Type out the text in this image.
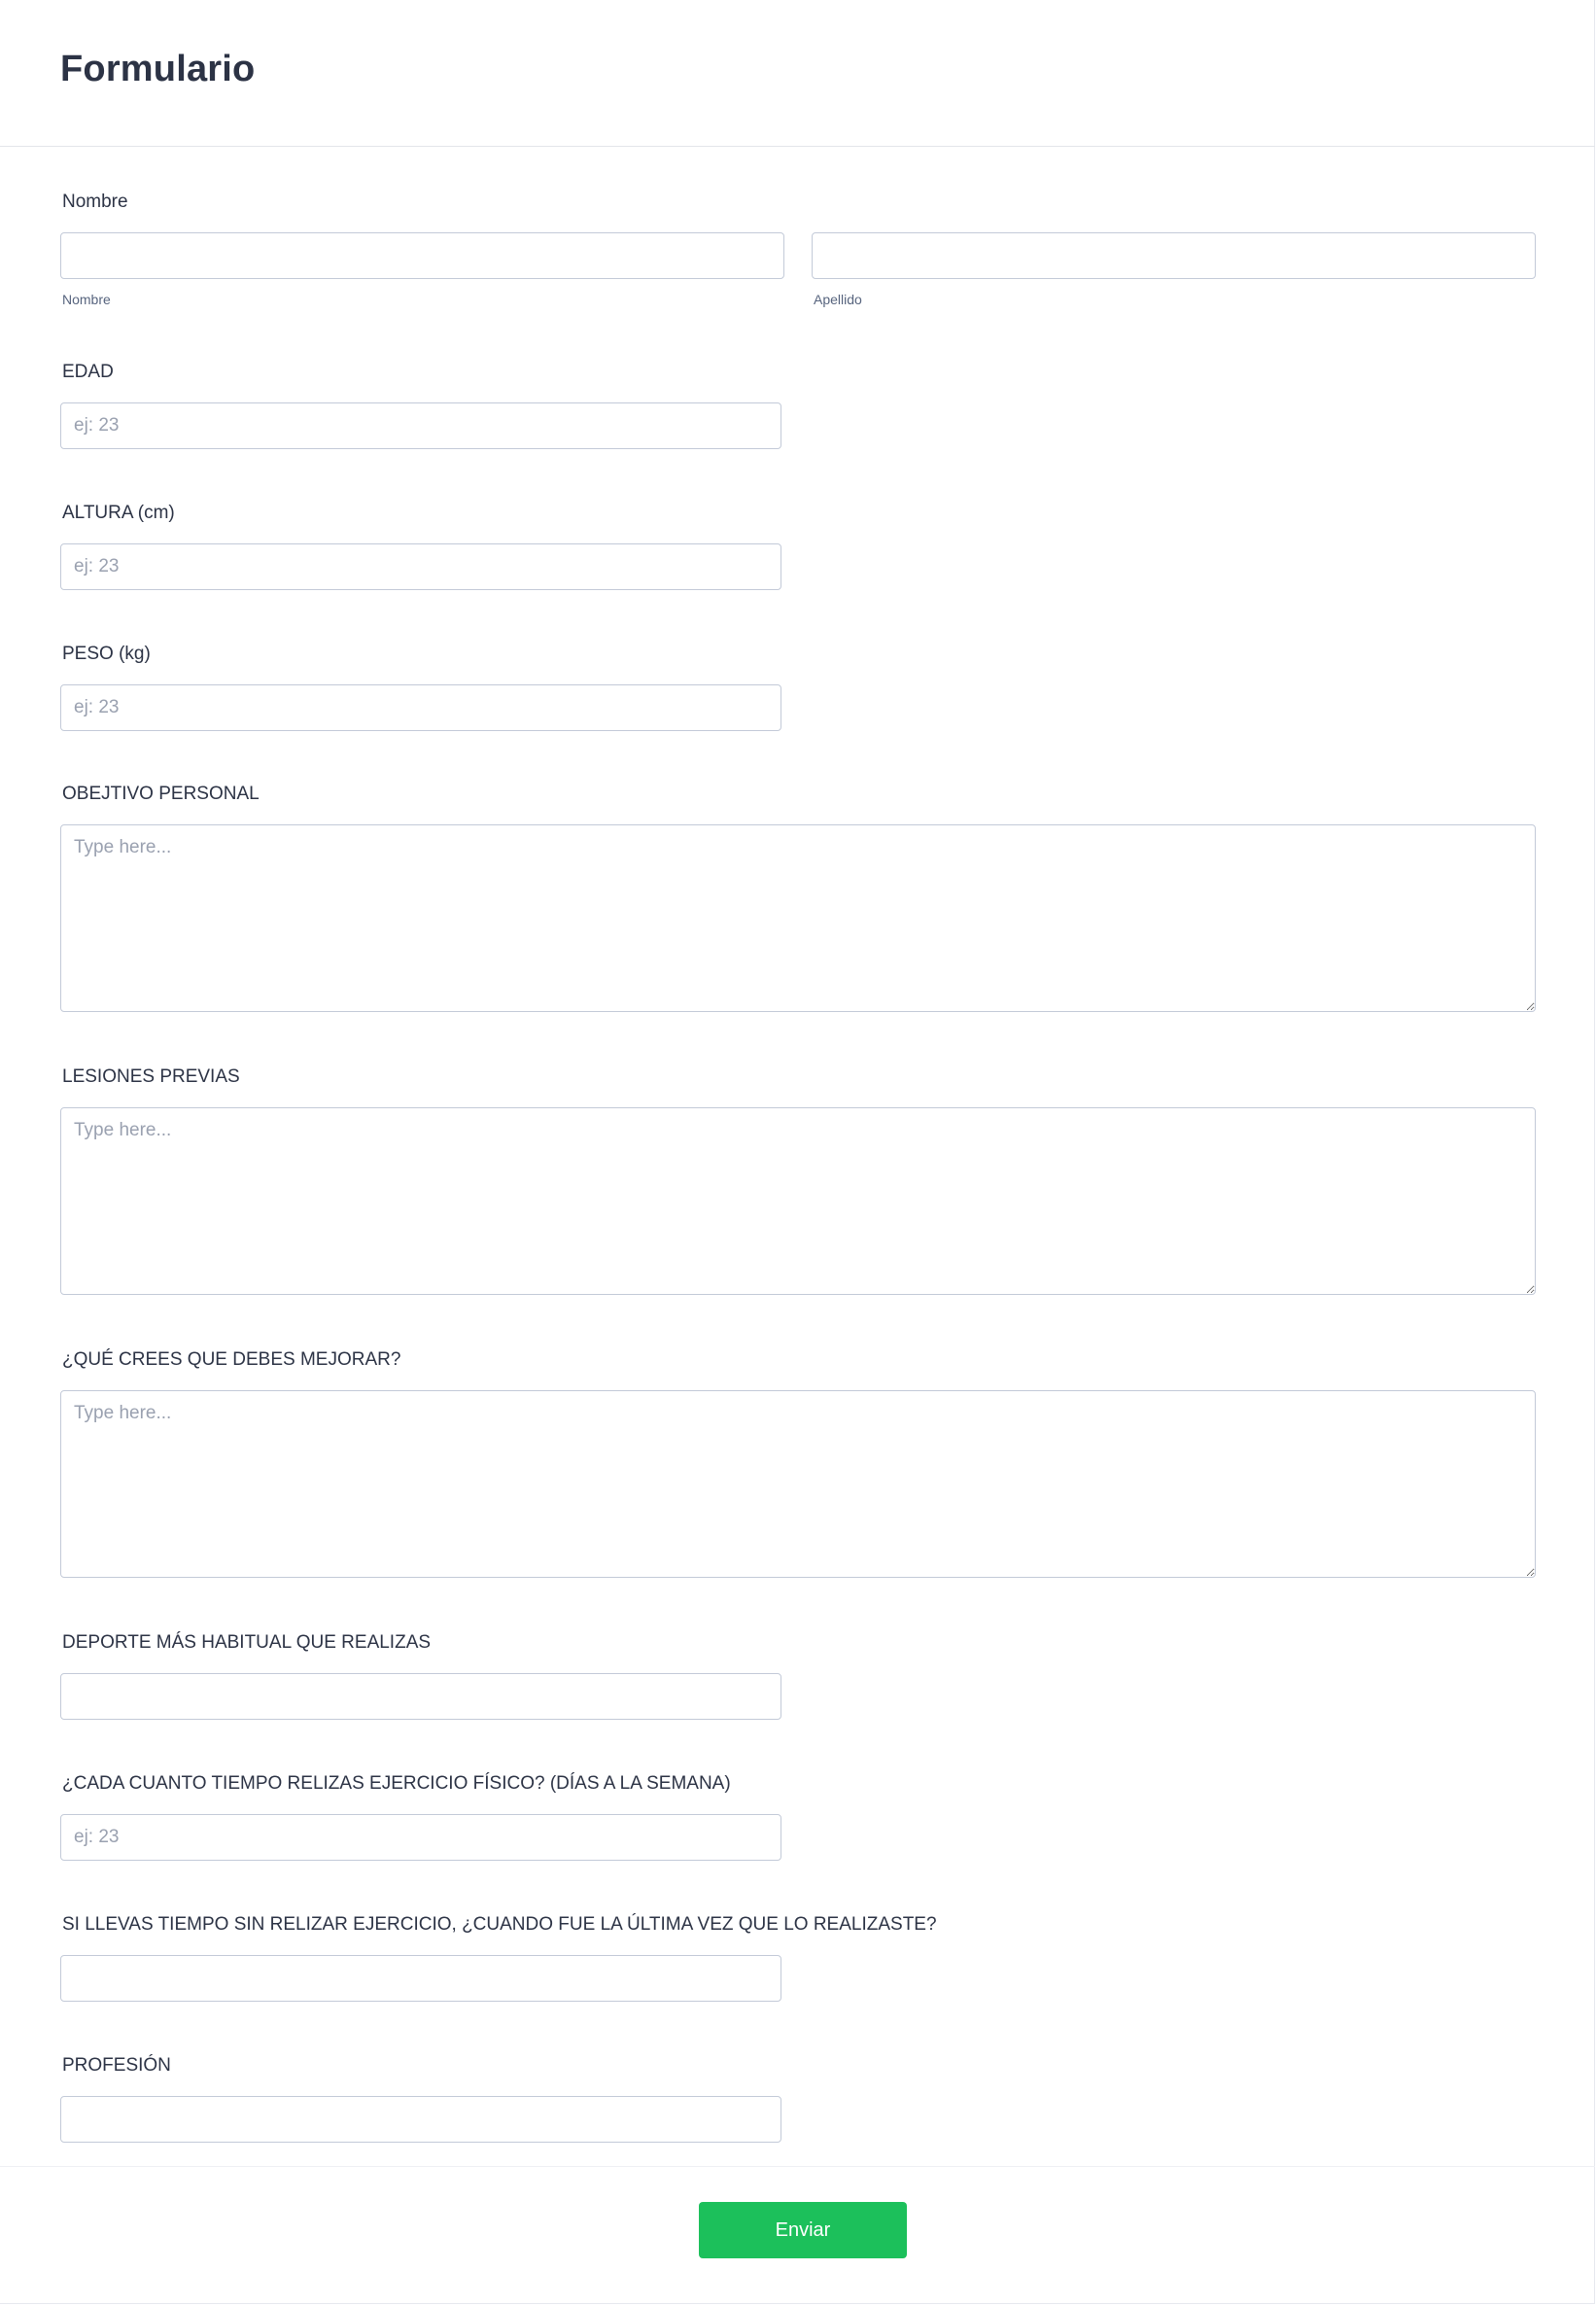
Formulario
Nombre
Nombre	Apellido
EDAD
ej: 23
ALTURA (cm)
ej: 23
PESO (kg)
ej: 23
OBEJTIVO PERSONAL
Type here...
LESIONES PREVIAS
Type here...
¿QUÉ CREES QUE DEBES MEJORAR?
Type here...
DEPORTE MÁS HABITUAL QUE REALIZAS
¿CADA CUANTO TIEMPO RELIZAS EJERCICIO FÍSICO? (DÍAS A LA SEMANA)
ej: 23
SI LLEVAS TIEMPO SIN RELIZAR EJERCICIO, ¿CUANDO FUE LA ÚLTIMA VEZ QUE LO REALIZASTE?
PROFESIÓN
Enviar
